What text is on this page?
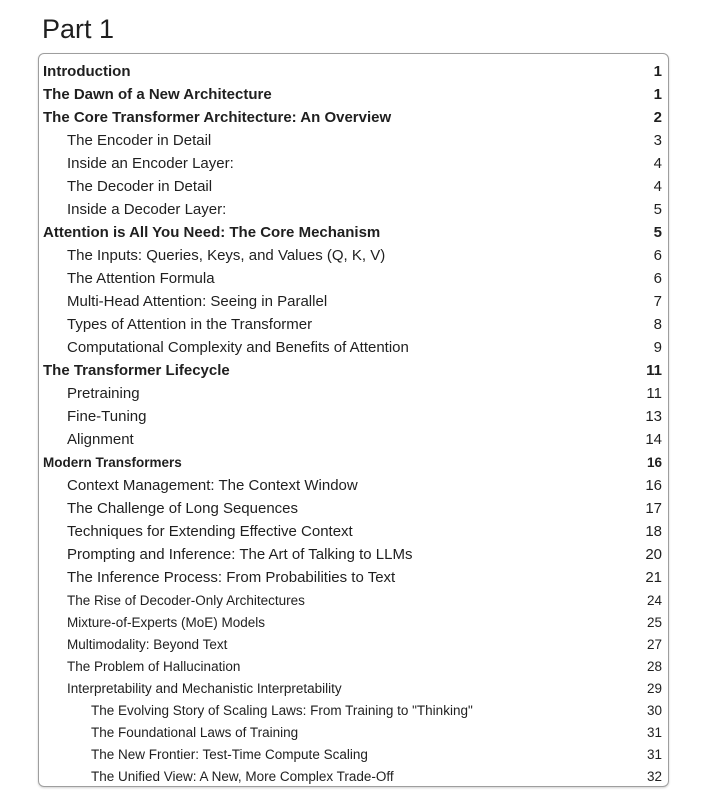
Part 1
Introduction	1
The Dawn of a New Architecture	1
The Core Transformer Architecture: An Overview	2
The Encoder in Detail	3
Inside an Encoder Layer:	4
The Decoder in Detail	4
Inside a Decoder Layer:	5
Attention is All You Need: The Core Mechanism	5
The Inputs: Queries, Keys, and Values (Q, K, V)	6
The Attention Formula	6
Multi-Head Attention: Seeing in Parallel	7
Types of Attention in the Transformer	8
Computational Complexity and Benefits of Attention	9
The Transformer Lifecycle	11
Pretraining	11
Fine-Tuning	13
Alignment	14
Modern Transformers	16
Context Management: The Context Window	16
The Challenge of Long Sequences	17
Techniques for Extending Effective Context	18
Prompting and Inference: The Art of Talking to LLMs	20
The Inference Process: From Probabilities to Text	21
The Rise of Decoder-Only Architectures	24
Mixture-of-Experts (MoE) Models	25
Multimodality: Beyond Text	27
The Problem of Hallucination	28
Interpretability and Mechanistic Interpretability	29
The Evolving Story of Scaling Laws: From Training to "Thinking"	30
The Foundational Laws of Training	31
The New Frontier: Test-Time Compute Scaling	31
The Unified View: A New, More Complex Trade-Off	32
